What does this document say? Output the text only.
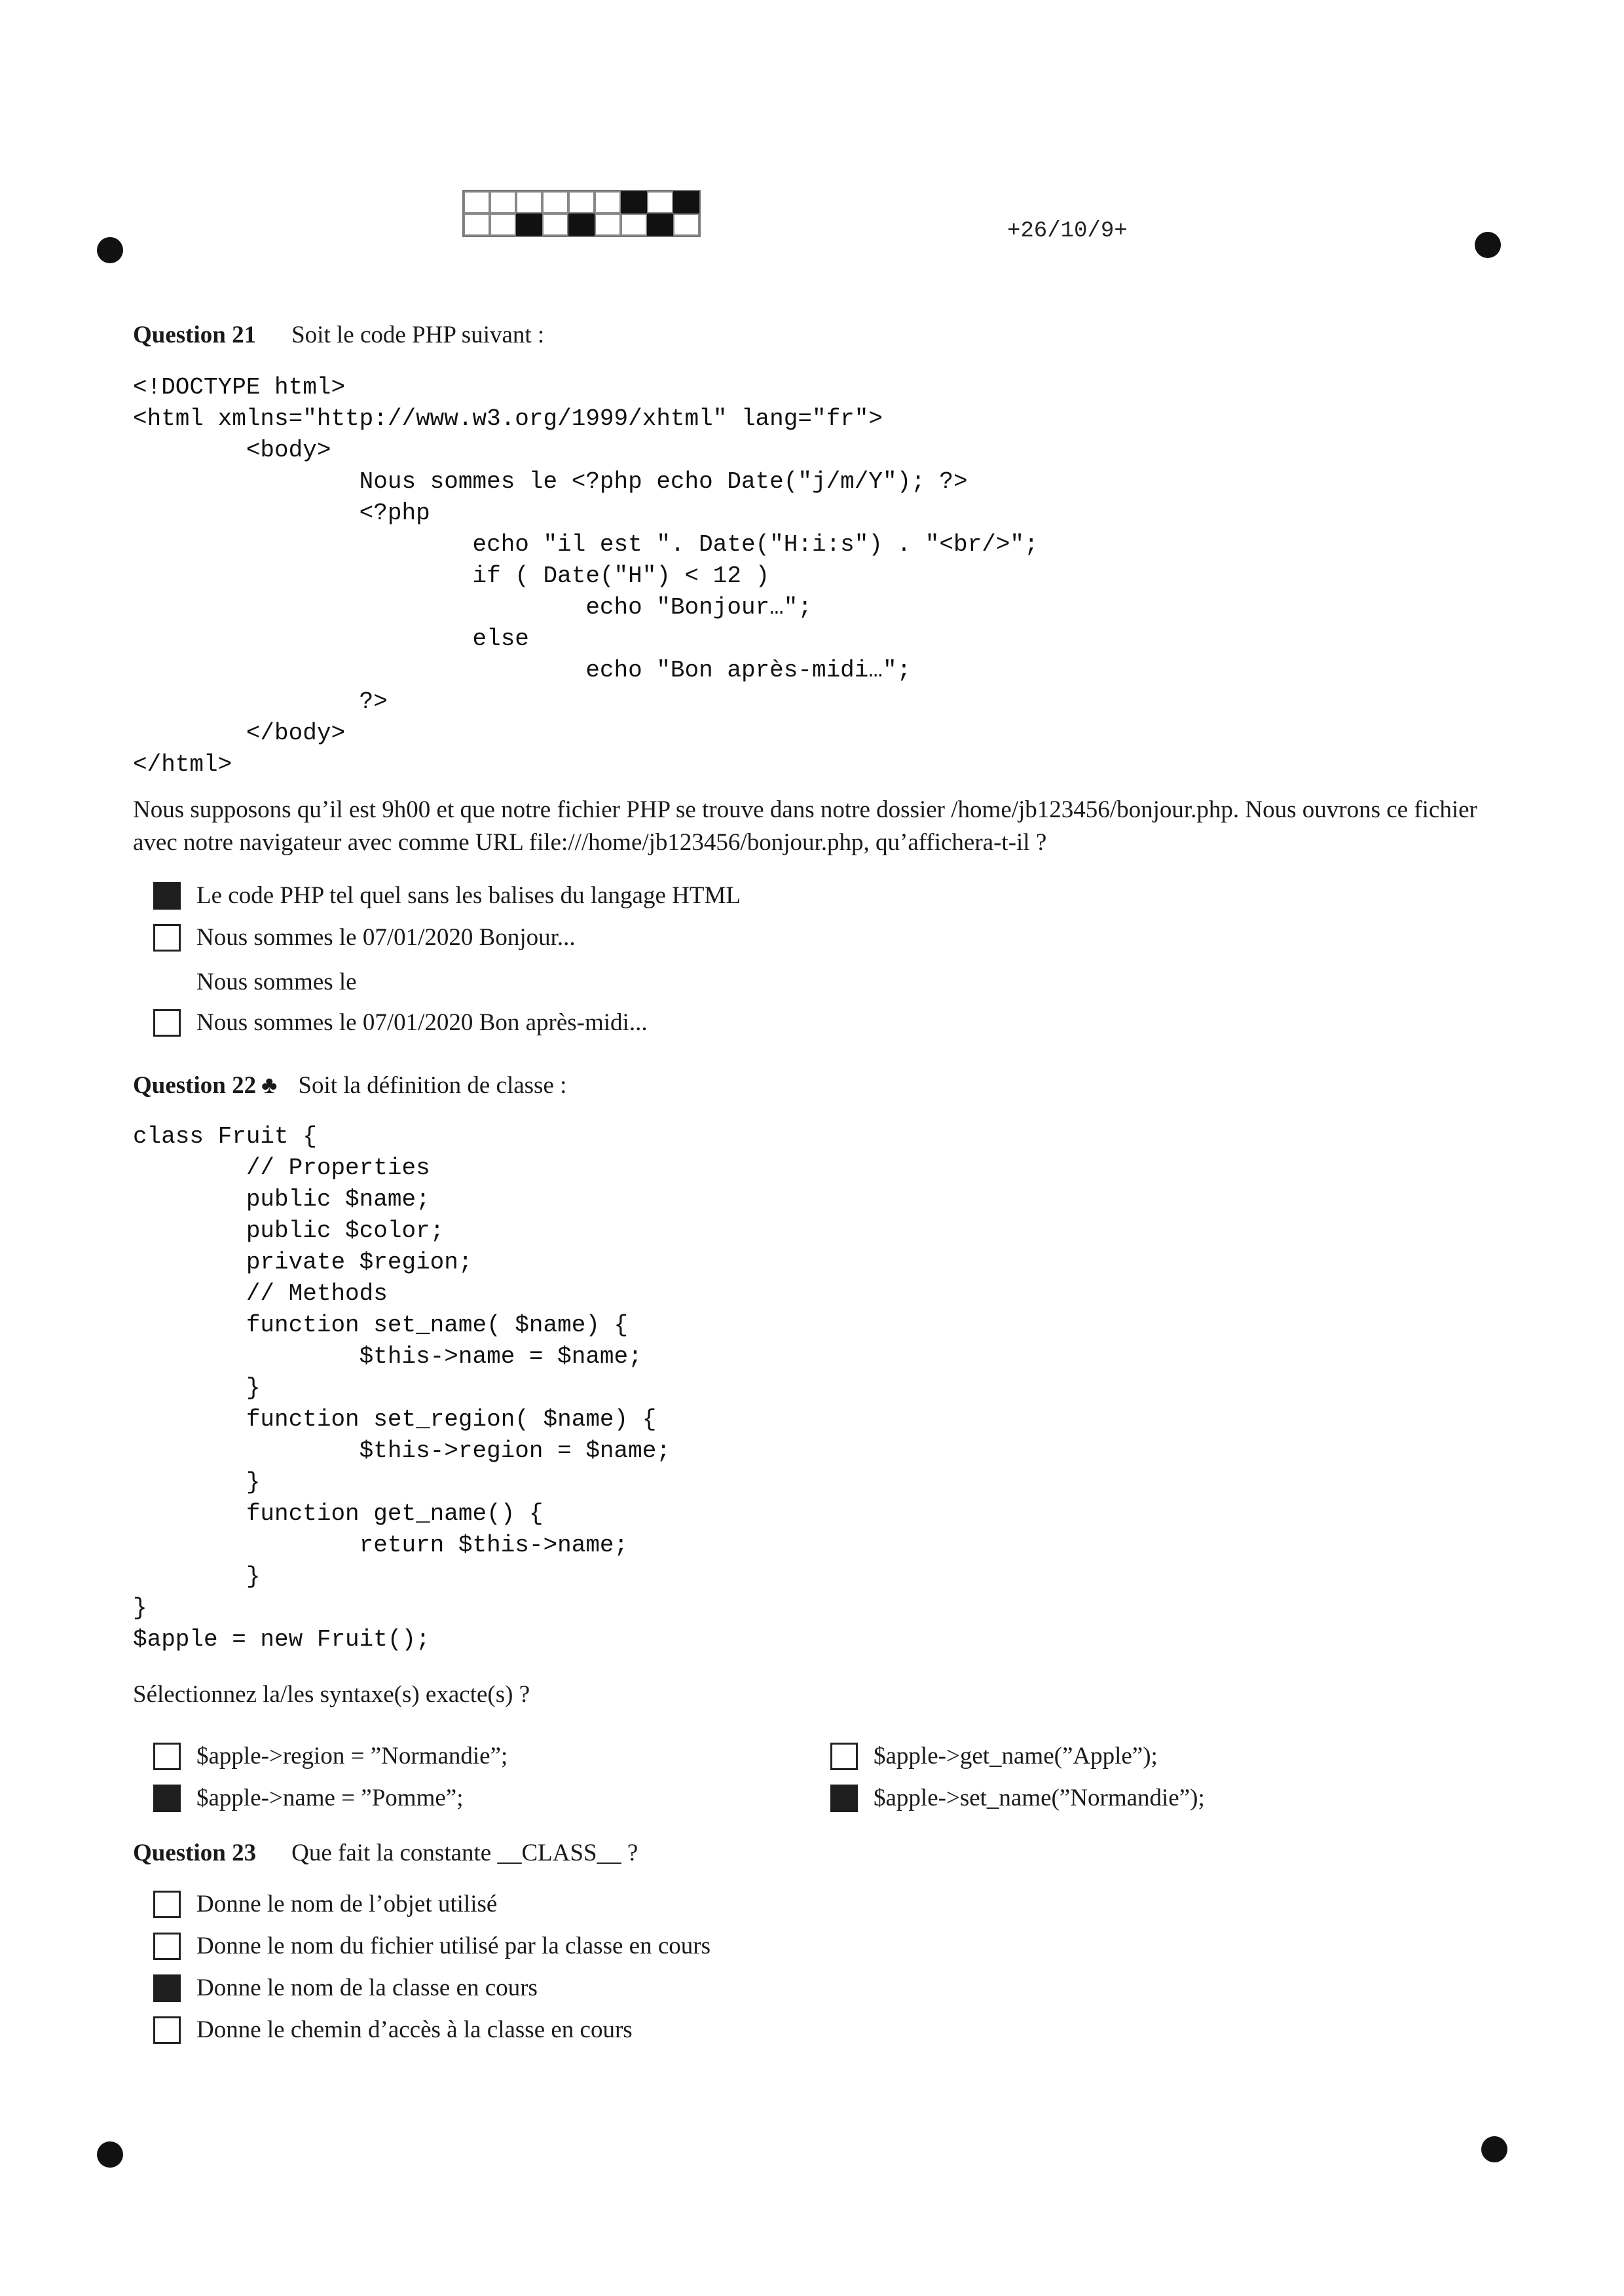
+26/10/9+
Question 21 Soit le code PHP suivant :
<!DOCTYPE html>
<html xmlns="http://www.w3.org/1999/xhtml" lang="fr">
<body>
Nous sommes le <?php echo Date("j/m/Y"); ?>
<?php
echo "il est ". Date("H:i:s") . "<br/>";
if ( Date("H") < 12 )
echo "Bonjour…";
else
echo "Bon après-midi…";
?>
</body>
</html>
Nous supposons qu’il est 9h00 et que notre fichier PHP se trouve dans notre dossier /home/jb123456/bonjour.php. Nous ouvrons ce fichier avec notre navigateur avec comme URL file:///home/jb123456/bonjour.php, qu’affichera-t-il ?
Le code PHP tel quel sans les balises du langage HTML
Nous sommes le 07/01/2020 Bonjour...
Nous sommes le
Nous sommes le 07/01/2020 Bon après-midi...
Question 22 ♣ Soit la définition de classe :
class Fruit {
// Properties
public $name;
public $color;
private $region;
// Methods
function set_name( $name) {
$this->name = $name;
}
function set_region( $name) {
$this->region = $name;
}
function get_name() {
return $this->name;
}
}
$apple = new Fruit();
Sélectionnez la/les syntaxe(s) exacte(s) ?
$apple->region = ”Normandie”;
$apple->name = ”Pomme”;
$apple->get_name(”Apple”);
$apple->set_name(”Normandie”);
Question 23 Que fait la constante __CLASS__ ?
Donne le nom de l’objet utilisé
Donne le nom du fichier utilisé par la classe en cours
Donne le nom de la classe en cours
Donne le chemin d’accès à la classe en cours
